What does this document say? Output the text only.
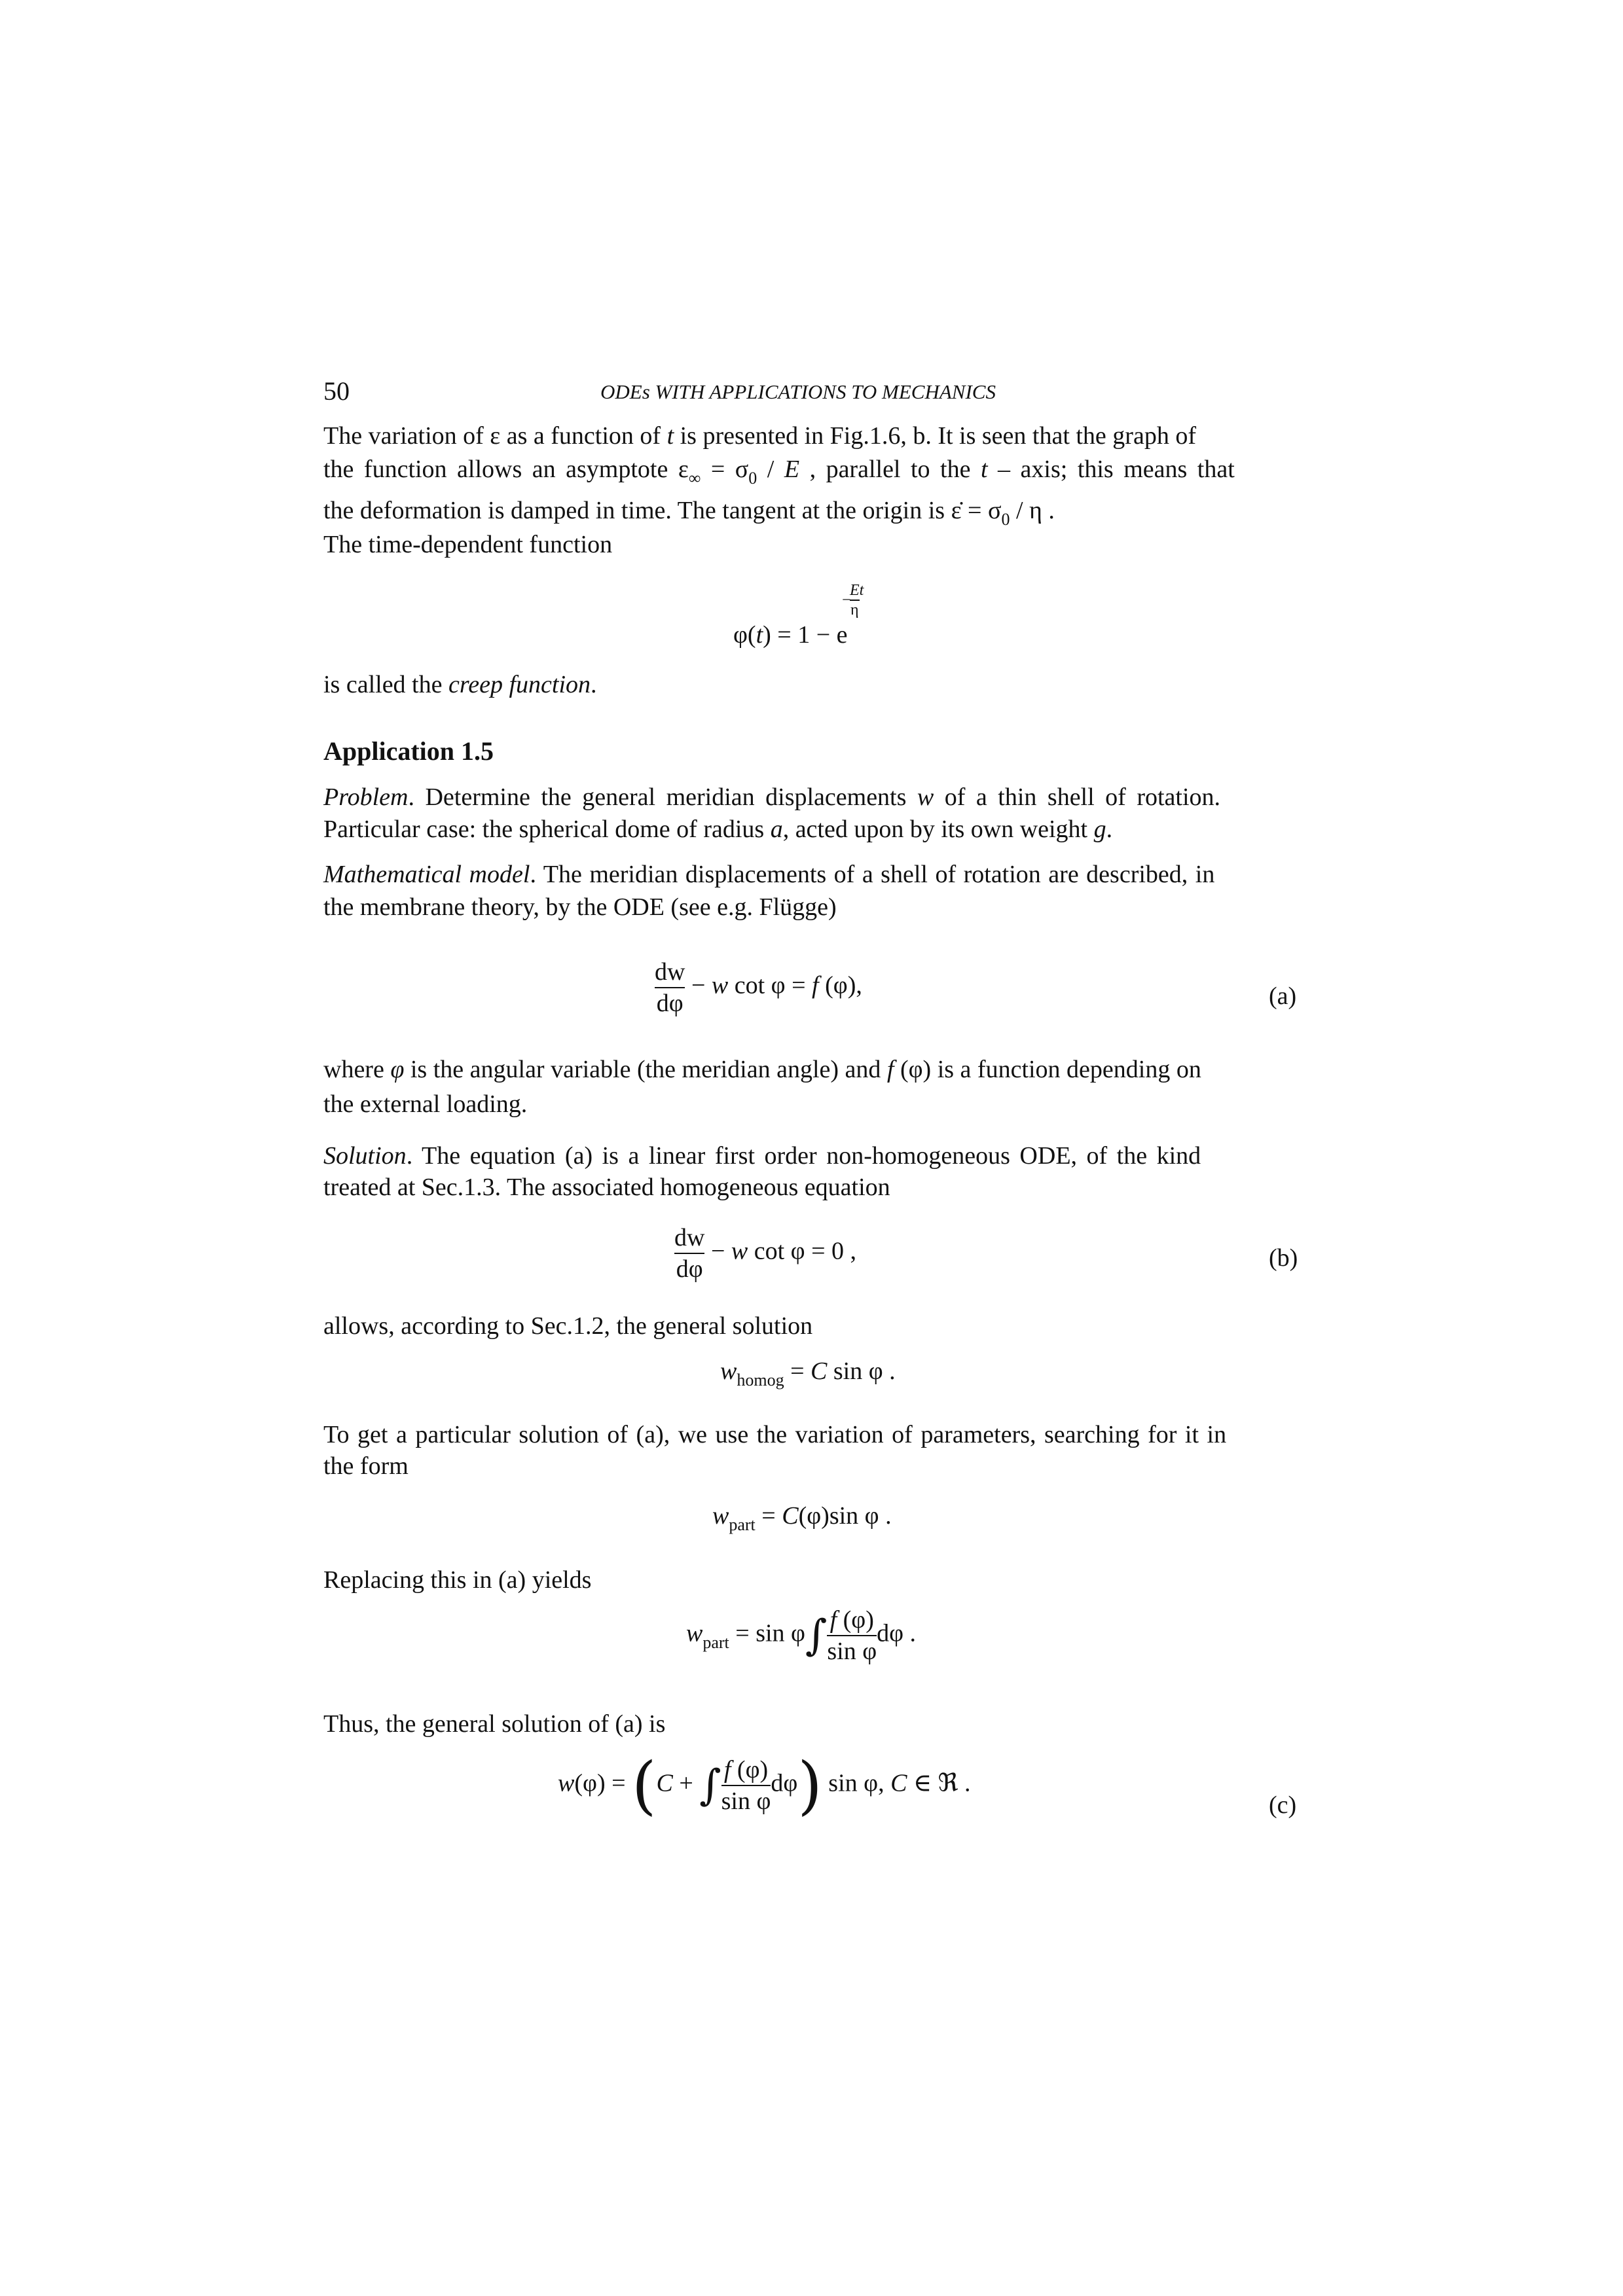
50	ODEs WITH APPLICATIONS TO MECHANICS
The variation of ε as a function of t is presented in Fig.1.6, b. It is seen that the graph of
the function allows an asymptote $\varepsilon_\infty = \sigma_0 / E$ , parallel to the t – axis; this means that
the deformation is damped in time. The tangent at the origin is ε̇ = $\sigma_0$ / η .
The time-dependent function
φ(t) = 1 − e
$\frac{E}{\eta}$ t
−
is called the creep function.
Application 1.5
Problem. Determine the general meridian displacements w of a thin shell of rotation.
Particular case: the spherical dome of radius a, acted upon by its own weight g.
Mathematical model. The meridian displacements of a shell of rotation are described, in
the membrane theory, by the ODE (see e.g. Flügge)
$\frac{dw}{d\varphi} - w$ cot φ = f (φ),	(a)
where φ is the angular variable (the meridian angle) and f (φ) is a function depending on
the external loading.
Solution. The equation (a) is a linear first order non-homogeneous ODE, of the kind
treated at Sec.1.3. The associated homogeneous equation
$\frac{dw}{d\varphi} - w$ cot φ = 0 ,	(b)
allows, according to Sec.1.2, the general solution
$w_{homog} = C$ sin φ .
To get a particular solution of (a), we use the variation of parameters, searching for it in
the form
$w_{part} = C(\varphi)\sin$ φ .
Replacing this in (a) yields
$w_{part} = \sin \varphi\int \frac{f (\varphi)}{\text{sin φ}}$ dφ .
Thus, the general solution of (a) is
w(φ) = (C + ∫ $\frac{f (\varphi)}{\text{sin φ}} d\varphi$) sin φ, C ∈ ℜ .
(c)
